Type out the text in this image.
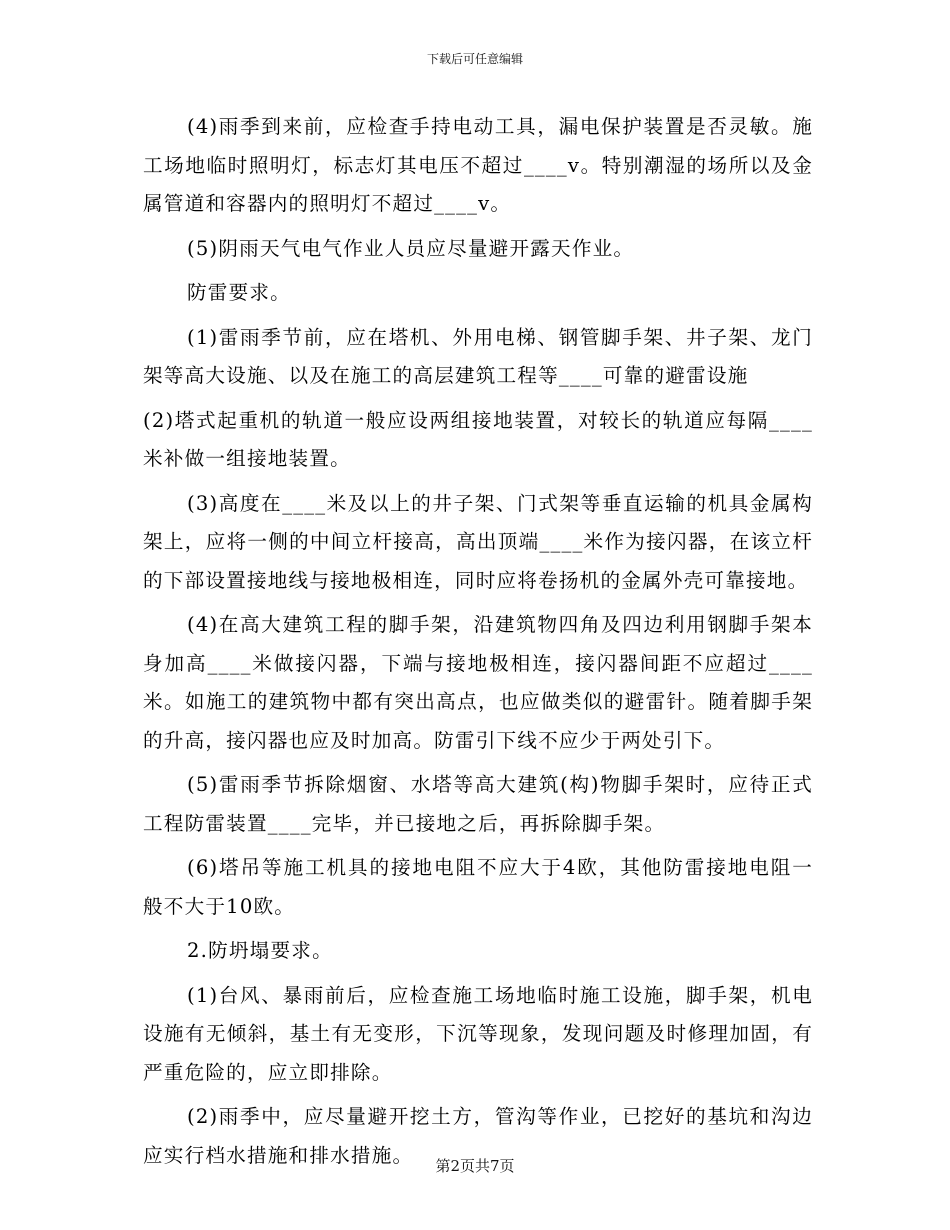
下载后可任意编辑

(4)雨季到来前，应检查手持电动工具，漏电保护装置是否灵敏。施工场地临时照明灯，标志灯其电压不超过____v。特别潮湿的场所以及金属管道和容器内的照明灯不超过____v。

(5)阴雨天气电气作业人员应尽量避开露天作业。

防雷要求。

(1)雷雨季节前，应在塔机、外用电梯、钢管脚手架、井子架、龙门架等高大设施、以及在施工的高层建筑工程等____可靠的避雷设施

(2)塔式起重机的轨道一般应设两组接地装置，对较长的轨道应每隔____米补做一组接地装置。

(3)高度在____米及以上的井子架、门式架等垂直运输的机具金属构架上，应将一侧的中间立杆接高，高出顶端____米作为接闪器，在该立杆的下部设置接地线与接地极相连，同时应将卷扬机的金属外壳可靠接地。

(4)在高大建筑工程的脚手架，沿建筑物四角及四边利用钢脚手架本身加高____米做接闪器，下端与接地极相连，接闪器间距不应超过____米。如施工的建筑物中都有突出高点，也应做类似的避雷针。随着脚手架的升高，接闪器也应及时加高。防雷引下线不应少于两处引下。

(5)雷雨季节拆除烟窗、水塔等高大建筑(构)物脚手架时，应待正式工程防雷装置____完毕，并已接地之后，再拆除脚手架。

(6)塔吊等施工机具的接地电阻不应大于4欧，其他防雷接地电阻一般不大于10欧。

2.防坍塌要求。

(1)台风、暴雨前后，应检查施工场地临时施工设施，脚手架，机电设施有无倾斜，基土有无变形，下沉等现象，发现问题及时修理加固，有严重危险的，应立即排除。

(2)雨季中，应尽量避开挖土方，管沟等作业，已挖好的基坑和沟边应实行档水措施和排水措施。	第2页共7页
